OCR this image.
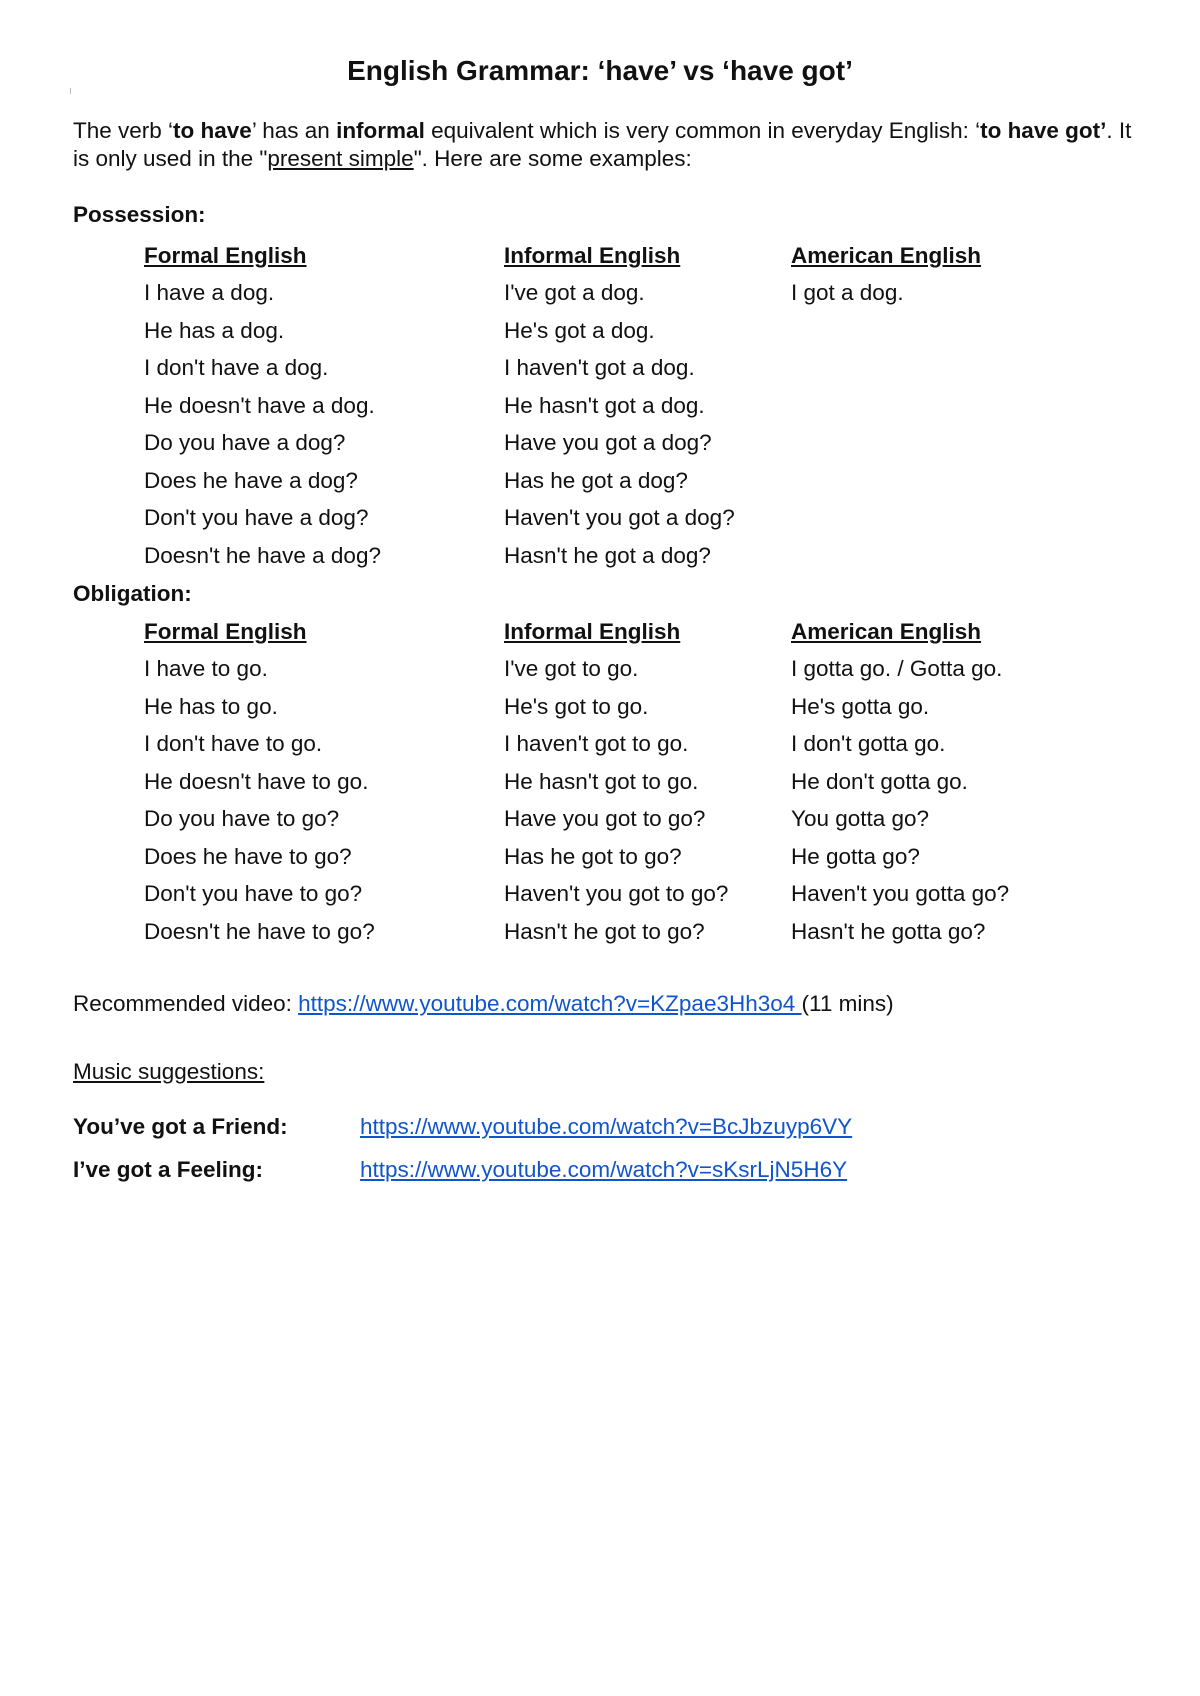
English Grammar: ‘have’ vs ‘have got’
The verb ‘to have’ has an informal equivalent which is very common in everyday English: ‘to have got’. It is only used in the "present simple". Here are some examples:
Possession:
Formal English
I have a dog.
He has a dog.
I don't have a dog.
He doesn't have a dog.
Do you have a dog?
Does he have a dog?
Don't you have a dog?
Doesn't he have a dog?
Informal English
I've got a dog.
He's got a dog.
I haven't got a dog.
He hasn't got a dog.
Have you got a dog?
Has he got a dog?
Haven't you got a dog?
Hasn't he got a dog?
American English
I got a dog.
Obligation:
Formal English
I have to go.
He has to go.
I don't have to go.
He doesn't have to go.
Do you have to go?
Does he have to go?
Don't you have to go?
Doesn't he have to go?
Informal English
I've got to go.
He's got to go.
I haven't got to go.
He hasn't got to go.
Have you got to go?
Has he got to go?
Haven't you got to go?
Hasn't he got to go?
American English
I gotta go. / Gotta go.
He's gotta go.
I don't gotta go.
He don't gotta go.
You gotta go?
He gotta go?
Haven't you gotta go?
Hasn't he gotta go?
Recommended video: https://www.youtube.com/watch?v=KZpae3Hh3o4 (11 mins)
Music suggestions:
You’ve got a Friend:	https://www.youtube.com/watch?v=BcJbzuyp6VY
I’ve got a Feeling:	https://www.youtube.com/watch?v=sKsrLjN5H6Y
